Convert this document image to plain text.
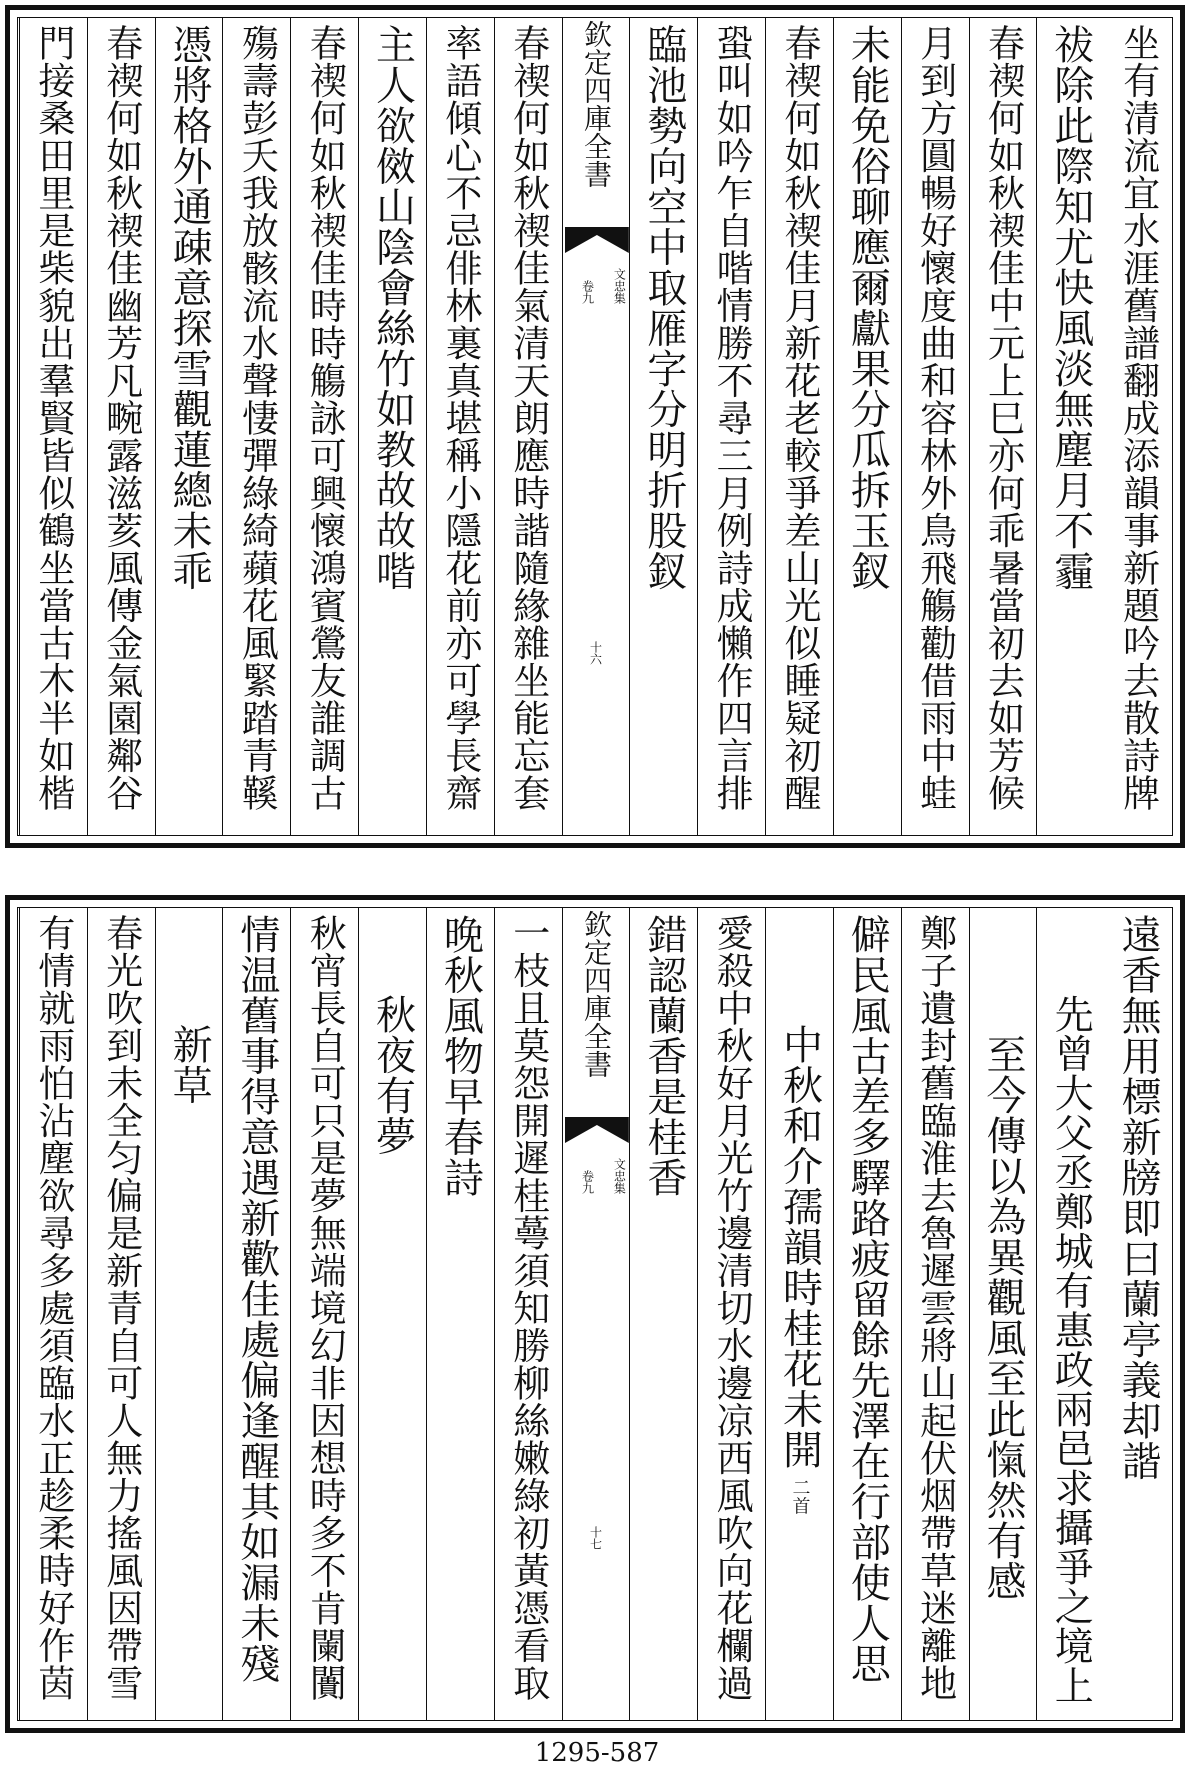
坐有清流宜水涯舊譜翻成添韻事新題吟去散詩牌
祓除此際知尤快風淡無塵月不霾
春禊何如秋禊佳中元上巳亦何乖暑當初去如芳候
月到方圓暢好懷度曲和容林外鳥飛觴勸借雨中蛙
未能免俗聊應爾獻果分瓜拆玉釵
春禊何如秋禊佳月新花老較爭差山光似睡疑初醒
蛩叫如吟乍自喈情勝不尋三月例詩成懶作四言排
臨池勢向空中取雁字分明折股釵
欽定四庫全書
文忠集
卷九
十六
春禊何如秋禊佳氣清天朗應時諧隨緣雜坐能忘套
率語傾心不忌俳林裏真堪稱小隱花前亦可學長齋
主人欲傚山陰會絲竹如教故故喈
春禊何如秋禊佳時時觴詠可興懷鴻賓鶯友誰調古
殤壽彭夭我放骸流水聲悽彈綠綺蘋花風緊踏青鞵
憑將格外通疎意探雪觀蓮總未乖
春禊何如秋禊佳幽芳凡畹露滋荄風傳金氣園鄰谷
門接桑田里是柴貌出羣賢皆似鶴坐當古木半如楷
遠香無用標新牓即曰蘭亭義却諧
先曾大父丞鄭城有惠政兩邑求攝爭之境上
至今傳以為異觀風至此愾然有感
鄭子遺封舊臨淮去魯遲雲將山起伏烟帶草迷離地
僻民風古差多驛路疲留餘先澤在行部使人思
中秋和介孺韻時桂花未開
二首
愛殺中秋好月光竹邊清切水邊凉西風吹向花欄過
錯認蘭香是桂香
欽定四庫全書
文忠集
卷九
十七
一枝且莫怨開遲桂蕚須知勝柳絲嫩綠初黃憑看取
晚秋風物早春詩
秋夜有夢
秋宵長自可只是夢無端境幻非因想時多不肯闌闠
情温舊事得意遇新歡佳處偏逢醒其如漏未殘
新草
春光吹到未全匀偏是新青自可人無力搖風因帶雪
有情就雨怕沾塵欲尋多處須臨水正趁柔時好作茵
1295-587
